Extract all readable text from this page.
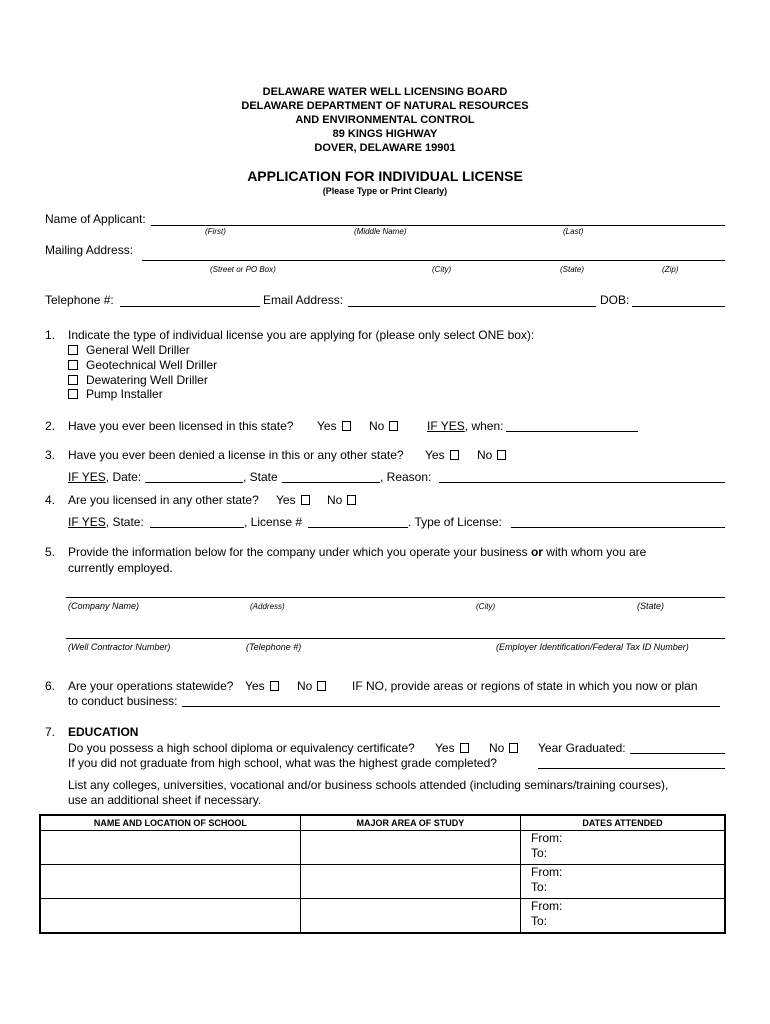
DELAWARE WATER WELL LICENSING BOARD
DELAWARE DEPARTMENT OF NATURAL RESOURCES
AND ENVIRONMENTAL CONTROL
89 KINGS HIGHWAY
DOVER, DELAWARE 19901
APPLICATION FOR INDIVIDUAL LICENSE
(Please Type or Print Clearly)
Name of Applicant:
(First)	(Middle Name)	(Last)
Mailing Address:
(Street or PO Box)	(City)	(State)	(Zip)
Telephone #:	Email Address:	DOB:
1. Indicate the type of individual license you are applying for (please only select ONE box):
General Well Driller
Geotechnical Well Driller
Dewatering Well Driller
Pump Installer
2. Have you ever been licensed in this state? Yes	No	IF YES, when:
3. Have you ever been denied a license in this or any other state? Yes	No
IF YES, Date:	, State	, Reason:
4. Are you licensed in any other state? Yes	No
IF YES, State:	, License #	. Type of License:
5. Provide the information below for the company under which you operate your business or with whom you are
currently employed.
(Company Name)	(Address)	(City)	(State)
(Well Contractor Number)	(Telephone #)	(Employer Identification/Federal Tax ID Number)
6. Are your operations statewide? Yes	No	IF NO, provide areas or regions of state in which you now or plan
to conduct business:
7. EDUCATION
Do you possess a high school diploma or equivalency certificate? Yes	No	Year Graduated:
If you did not graduate from high school, what was the highest grade completed?
List any colleges, universities, vocational and/or business schools attended (including seminars/training courses),
use an additional sheet if necessary.
NAME AND LOCATION OF SCHOOL	MAJOR AREA OF STUDY	DATES ATTENDED

		From:
To:

		From:
To:

		From:
To:
